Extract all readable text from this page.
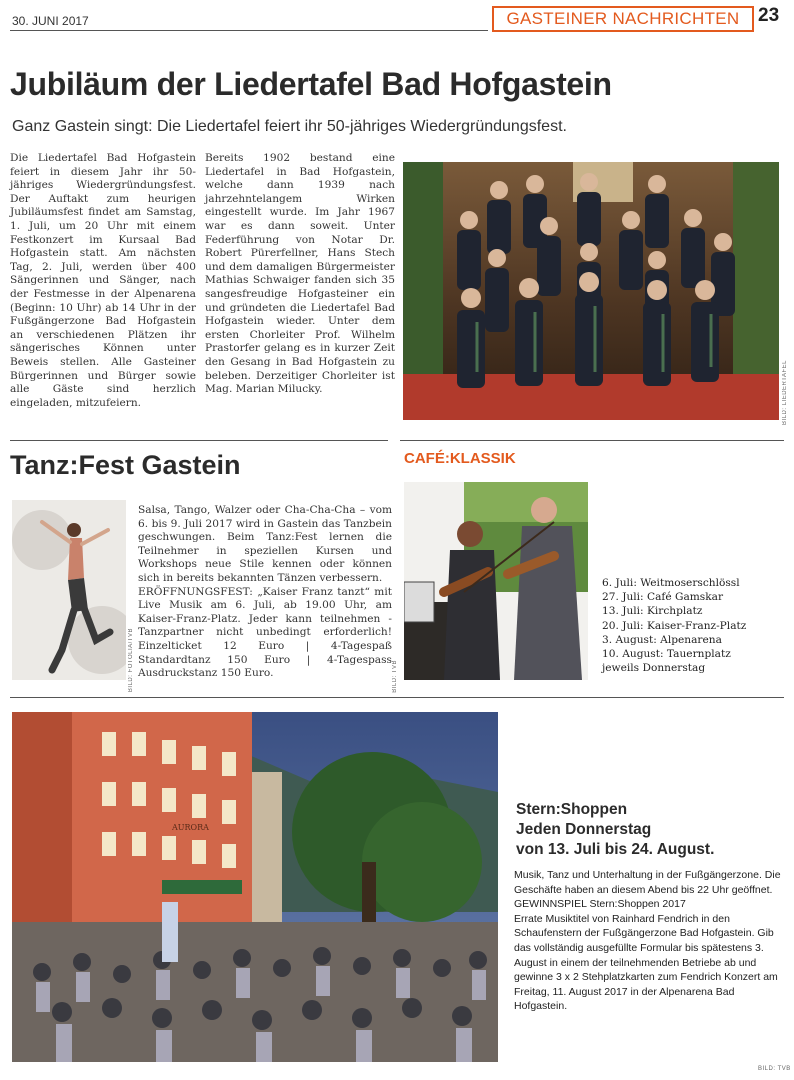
30. JUNI 2017	GASTEINER NACHRICHTEN 23
Jubiläum der Liedertafel Bad Hofgastein
Ganz Gastein singt: Die Liedertafel feiert ihr 50-jähriges Wiedergründungsfest.

Die Liedertafel Bad Hofgastein feiert in diesem Jahr ihr 50-jähriges Wiedergründungsfest. Der Auftakt zum heurigen Jubiläumsfest findet am Samstag, 1. Juli, um 20 Uhr mit einem Festkonzert im Kursaal Bad Hofgastein statt. Am nächsten Tag, 2. Juli, werden über 400 Sängerinnen und Sänger, nach der Festmesse in der Alpenarena (Beginn: 10 Uhr) ab 14 Uhr in der Fußgängerzone Bad Hofgastein an verschiedenen Plätzen ihr sängerisches Können unter Beweis stellen. Alle Gasteiner Bürgerinnen und Bürger sowie alle Gäste sind herzlich eingeladen, mitzufeiern.

Bereits 1902 bestand eine Liedertafel in Bad Hofgastein, welche dann 1939 nach jahrzehntelangem Wirken eingestellt wurde. Im Jahr 1967 war es dann soweit. Unter Federführung von Notar Dr. Robert Pürerfellner, Hans Stech und dem damaligen Bürgermeister Mathias Schwaiger fanden sich 35 sangesfreudige Hofgasteiner ein und gründeten die Liedertafel Bad Hofgastein wieder. Unter dem ersten Chorleiter Prof. Wilhelm Prastorfer gelang es in kurzer Zeit den Gesang in Bad Hofgastein zu beleben. Derzeitiger Chorleiter ist Mag. Marian Milucky.	BILD: LIEDERTAFEL
Tanz:Fest Gastein
BILD: FOTOLIA/TVB

Salsa, Tango, Walzer oder Cha-Cha-Cha – vom 6. bis 9. Juli 2017 wird in Gastein das Tanzbein geschwungen. Beim Tanz:Fest lernen die Teilnehmer in speziellen Kursen und Workshops neue Stile kennen oder können sich in bereits bekannten Tänzen verbessern.

ERÖFFNUNGSFEST: „Kaiser Franz tanzt“ mit Live Musik am 6. Juli, ab 19.00 Uhr, am Kaiser-Franz-Platz. Jeder kann teilnehmen - Tanzpartner nicht unbedingt erforderlich! Einzelticket 12 Euro | 4-Tagespaß Standardtanz 150 Euro | 4-Tagespass Ausdruckstanz 150 Euro.

CAFÉ:KLASSIK
BILD: TVB
6. Juli: Weitmoserschlössl
27. Juli: Café Gamskar
13. Juli: Kirchplatz
20. Juli: Kaiser-Franz-Platz
3. August: Alpenarena
10. August: Tauernplatz
jeweils Donnerstag
AURORA
Stern:Shoppen
Jeden Donnerstag
von 13. Juli bis 24. August.

Musik, Tanz und Unterhaltung in der Fußgängerzone. Die Geschäfte haben an diesem Abend bis 22 Uhr geöffnet.

GEWINNSPIEL Stern:Shoppen 2017

Errate Musiktitel von Rainhard Fendrich in den Schaufenstern der Fußgängerzone Bad Hofgastein. Gib das vollständig ausgefüllte Formular bis spätestens 3. August in einem der teilnehmenden Betriebe ab und gewinne 3 x 2 Stehplatzkarten zum Fendrich Konzert am Freitag, 11. August 2017 in der Alpenarena Bad Hofgastein.

BILD: TVB
